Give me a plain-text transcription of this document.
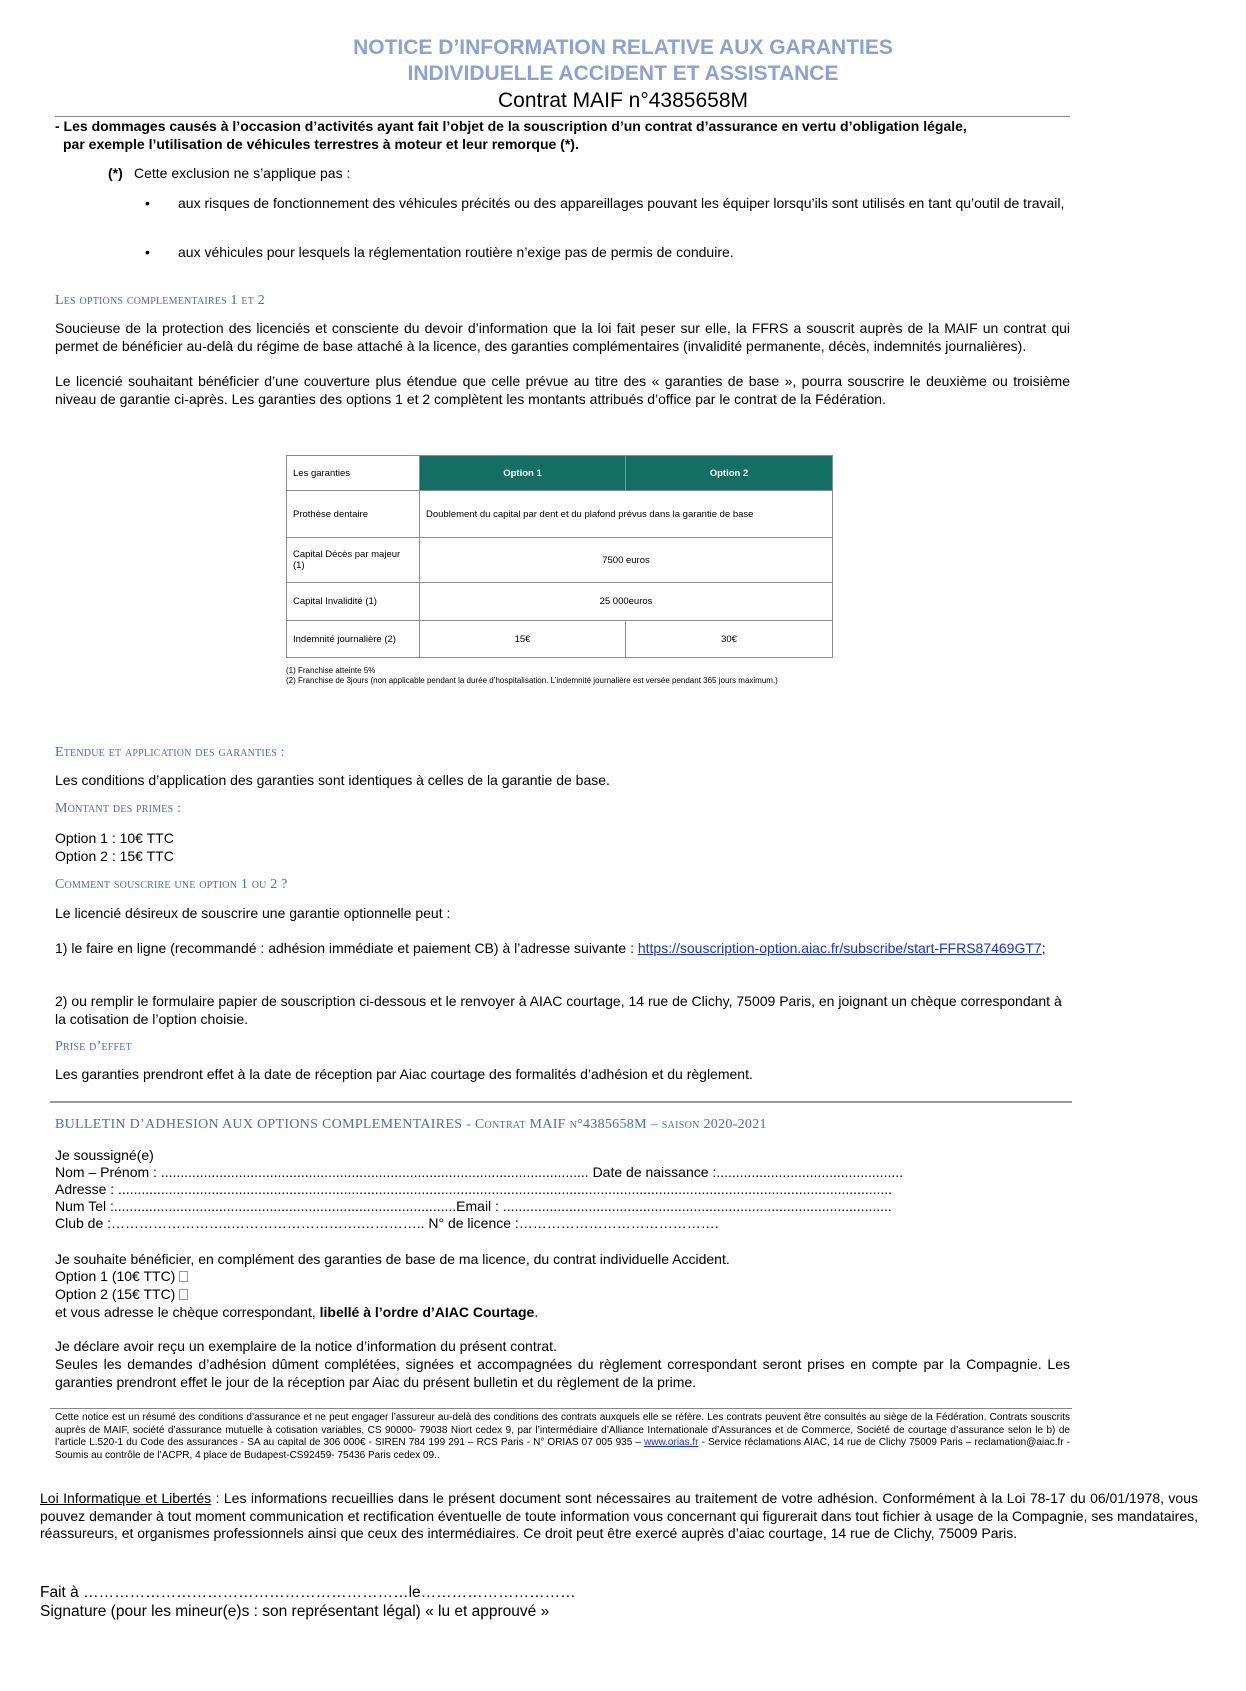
NOTICE D’INFORMATION RELATIVE AUX GARANTIES
INDIVIDUELLE ACCIDENT ET ASSISTANCE
Contrat MAIF n°4385658M
- Les dommages causés à l’occasion d’activités ayant fait l’objet de la souscription d’un contrat d’assurance en vertu d’obligation légale,
par exemple l’utilisation de véhicules terrestres à moteur et leur remorque (*).
(*) Cette exclusion ne s’applique pas :
• aux risques de fonctionnement des véhicules précités ou des appareillages pouvant les équiper lorsqu’ils sont utilisés en tant qu’outil de travail,
• aux véhicules pour lesquels la réglementation routière n’exige pas de permis de conduire.
Les options complementaires 1 et 2
Soucieuse de la protection des licenciés et consciente du devoir d’information que la loi fait peser sur elle, la FFRS a souscrit auprès de la MAIF un contrat qui permet de bénéficier au-delà du régime de base attaché à la licence, des garanties complémentaires (invalidité permanente, décès, indemnités journalières).
Le licencié souhaitant bénéficier d’une couverture plus étendue que celle prévue au titre des « garanties de base », pourra souscrire le deuxième ou troisième niveau de garantie ci-après. Les garanties des options 1 et 2 complètent les montants attribués d’office par le contrat de la Fédération.
Les garanties	Option 1	Option 2
Prothèse dentaire	Doublement du capital par dent et du plafond prévus dans la garantie de base	
Capital Décès par majeur (1)	7500 euros	
Capital Invalidité (1)	25 000euros	
Indemnité journalière (2)	15€	30€
(1) Franchise atteinte 5%
(2) Franchise de 3jours (non applicable pendant la durée d’hospitalisation. L’indemnité journalière est versée pendant 365 jours maximum.)
Etendue et application des garanties :
Les conditions d’application des garanties sont identiques à celles de la garantie de base.
Montant des primes :
Option 1 : 10€ TTC
Option 2 : 15€ TTC
Comment souscrire une option 1 ou 2 ?
Le licencié désireux de souscrire une garantie optionnelle peut :
1) le faire en ligne (recommandé : adhésion immédiate et paiement CB) à l’adresse suivante : https://souscription-option.aiac.fr/subscribe/start-FFRS87469GT7;
2) ou remplir le formulaire papier de souscription ci-dessous et le renvoyer à AIAC courtage, 14 rue de Clichy, 75009 Paris, en joignant un chèque correspondant à la cotisation de l’option choisie.
Prise d’effet
Les garanties prendront effet à la date de réception par Aiac courtage des formalités d’adhésion et du règlement.
BULLETIN D’ADHESION AUX OPTIONS COMPLEMENTAIRES - Contrat MAIF n°4385658M – saison 2020-2021
Je soussigné(e)
Nom – Prénom : .............................................................................................................. Date de naissance :................................................
Adresse : .......................................................................................................................................................................................................
Num Tel :........................................................................................Email : ....................................................................................................
Club de :……………………..……………………….………….. N° de licence :…………………………………….
Je souhaite bénéficier, en complément des garanties de base de ma licence, du contrat individuelle Accident.
Option 1 (10€ TTC)
Option 2 (15€ TTC)
et vous adresse le chèque correspondant, libellé à l’ordre d’AIAC Courtage.
Je déclare avoir reçu un exemplaire de la notice d’information du présent contrat.
Seules les demandes d’adhésion dûment complétées, signées et accompagnées du règlement correspondant seront prises en compte par la Compagnie. Les garanties prendront effet le jour de la réception par Aiac du présent bulletin et du règlement de la prime.
Cette notice est un résumé des conditions d’assurance et ne peut engager l’assureur au-delà des conditions des contrats auxquels elle se réfère. Les contrats peuvent être consultés au siège de la Fédération. Contrats souscrits auprès de MAIF, société d’assurance mutuelle à cotisation variables, CS 90000- 79038 Niort cedex 9, par l’intermédiaire d’Alliance Internationale d’Assurances et de Commerce, Société de courtage d’assurance selon le b) de l’article L.520-1 du Code des assurances - SA au capital de 306 000€ - SIREN 784 199 291 – RCS Paris - N° ORIAS 07 005 935 – www.orias.fr - Service réclamations AIAC, 14 rue de Clichy 75009 Paris – reclamation@aiac.fr - Soumis au contrôle de l’ACPR, 4 place de Budapest-CS92459- 75436 Paris cedex 09..
Loi Informatique et Libertés : Les informations recueillies dans le présent document sont nécessaires au traitement de votre adhésion. Conformément à la Loi 78-17 du 06/01/1978, vous pouvez demander à tout moment communication et rectification éventuelle de toute information vous concernant qui figurerait dans tout fichier à usage de la Compagnie, ses mandataires, réassureurs, et organismes professionnels ainsi que ceux des intermédiaires. Ce droit peut être exercé auprès d’aiac courtage, 14 rue de Clichy, 75009 Paris.
Fait à ………………………………………………………le…………………………
Signature (pour les mineur(e)s : son représentant légal) « lu et approuvé »
